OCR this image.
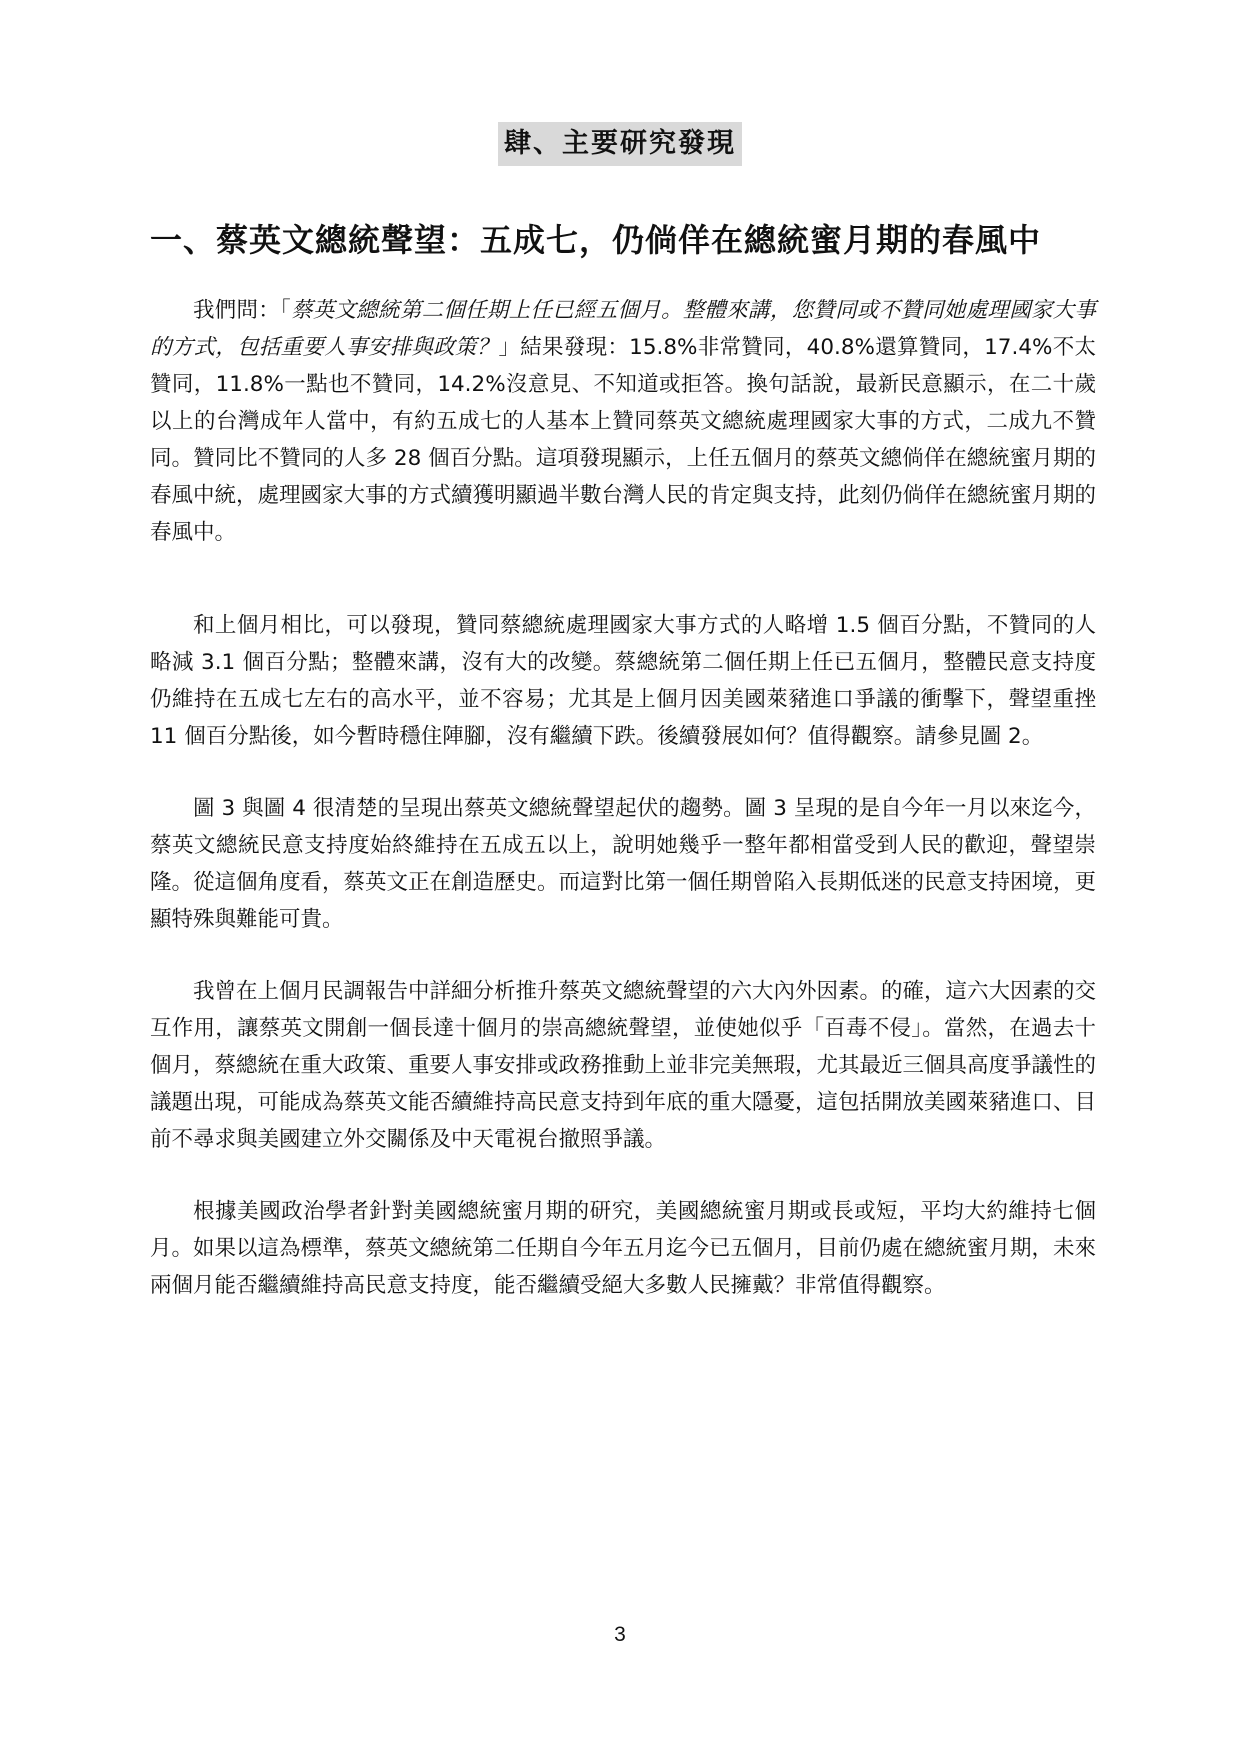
肆、主要研究發現
一、蔡英文總統聲望：五成七，仍倘佯在總統蜜月期的春風中

我們問：「蔡英文總統第二個任期上任已經五個月。整體來講，您贊同或不贊同她處理國家大事的方式，包括重要人事安排與政策？」結果發現：15.8%非常贊同，40.8%還算贊同，17.4%不太贊同，11.8%一點也不贊同，14.2%沒意見、不知道或拒答。換句話說，最新民意顯示，在二十歲以上的台灣成年人當中，有約五成七的人基本上贊同蔡英文總統處理國家大事的方式，二成九不贊同。贊同比不贊同的人多 28 個百分點。這項發現顯示，上任五個月的蔡英文總倘佯在總統蜜月期的春風中統，處理國家大事的方式續獲明顯過半數台灣人民的肯定與支持，此刻仍倘佯在總統蜜月期的春風中。

和上個月相比，可以發現，贊同蔡總統處理國家大事方式的人略增 1.5 個百分點，不贊同的人略減 3.1 個百分點；整體來講，沒有大的改變。蔡總統第二個任期上任已五個月，整體民意支持度仍維持在五成七左右的高水平，並不容易；尤其是上個月因美國萊豬進口爭議的衝擊下，聲望重挫 11 個百分點後，如今暫時穩住陣腳，沒有繼續下跌。後續發展如何？值得觀察。請參見圖 2。

圖 3 與圖 4 很清楚的呈現出蔡英文總統聲望起伏的趨勢。圖 3 呈現的是自今年一月以來迄今，蔡英文總統民意支持度始終維持在五成五以上，說明她幾乎一整年都相當受到人民的歡迎，聲望崇隆。從這個角度看，蔡英文正在創造歷史。而這對比第一個任期曾陷入長期低迷的民意支持困境，更顯特殊與難能可貴。

我曾在上個月民調報告中詳細分析推升蔡英文總統聲望的六大內外因素。的確，這六大因素的交互作用，讓蔡英文開創一個長達十個月的崇高總統聲望，並使她似乎「百毒不侵」。當然，在過去十個月，蔡總統在重大政策、重要人事安排或政務推動上並非完美無瑕，尤其最近三個具高度爭議性的議題出現，可能成為蔡英文能否續維持高民意支持到年底的重大隱憂，這包括開放美國萊豬進口、目前不尋求與美國建立外交關係及中天電視台撤照爭議。

根據美國政治學者針對美國總統蜜月期的研究，美國總統蜜月期或長或短，平均大約維持七個月。如果以這為標準，蔡英文總統第二任期自今年五月迄今已五個月，目前仍處在總統蜜月期，未來兩個月能否繼續維持高民意支持度，能否繼續受絕大多數人民擁戴？非常值得觀察。

3
